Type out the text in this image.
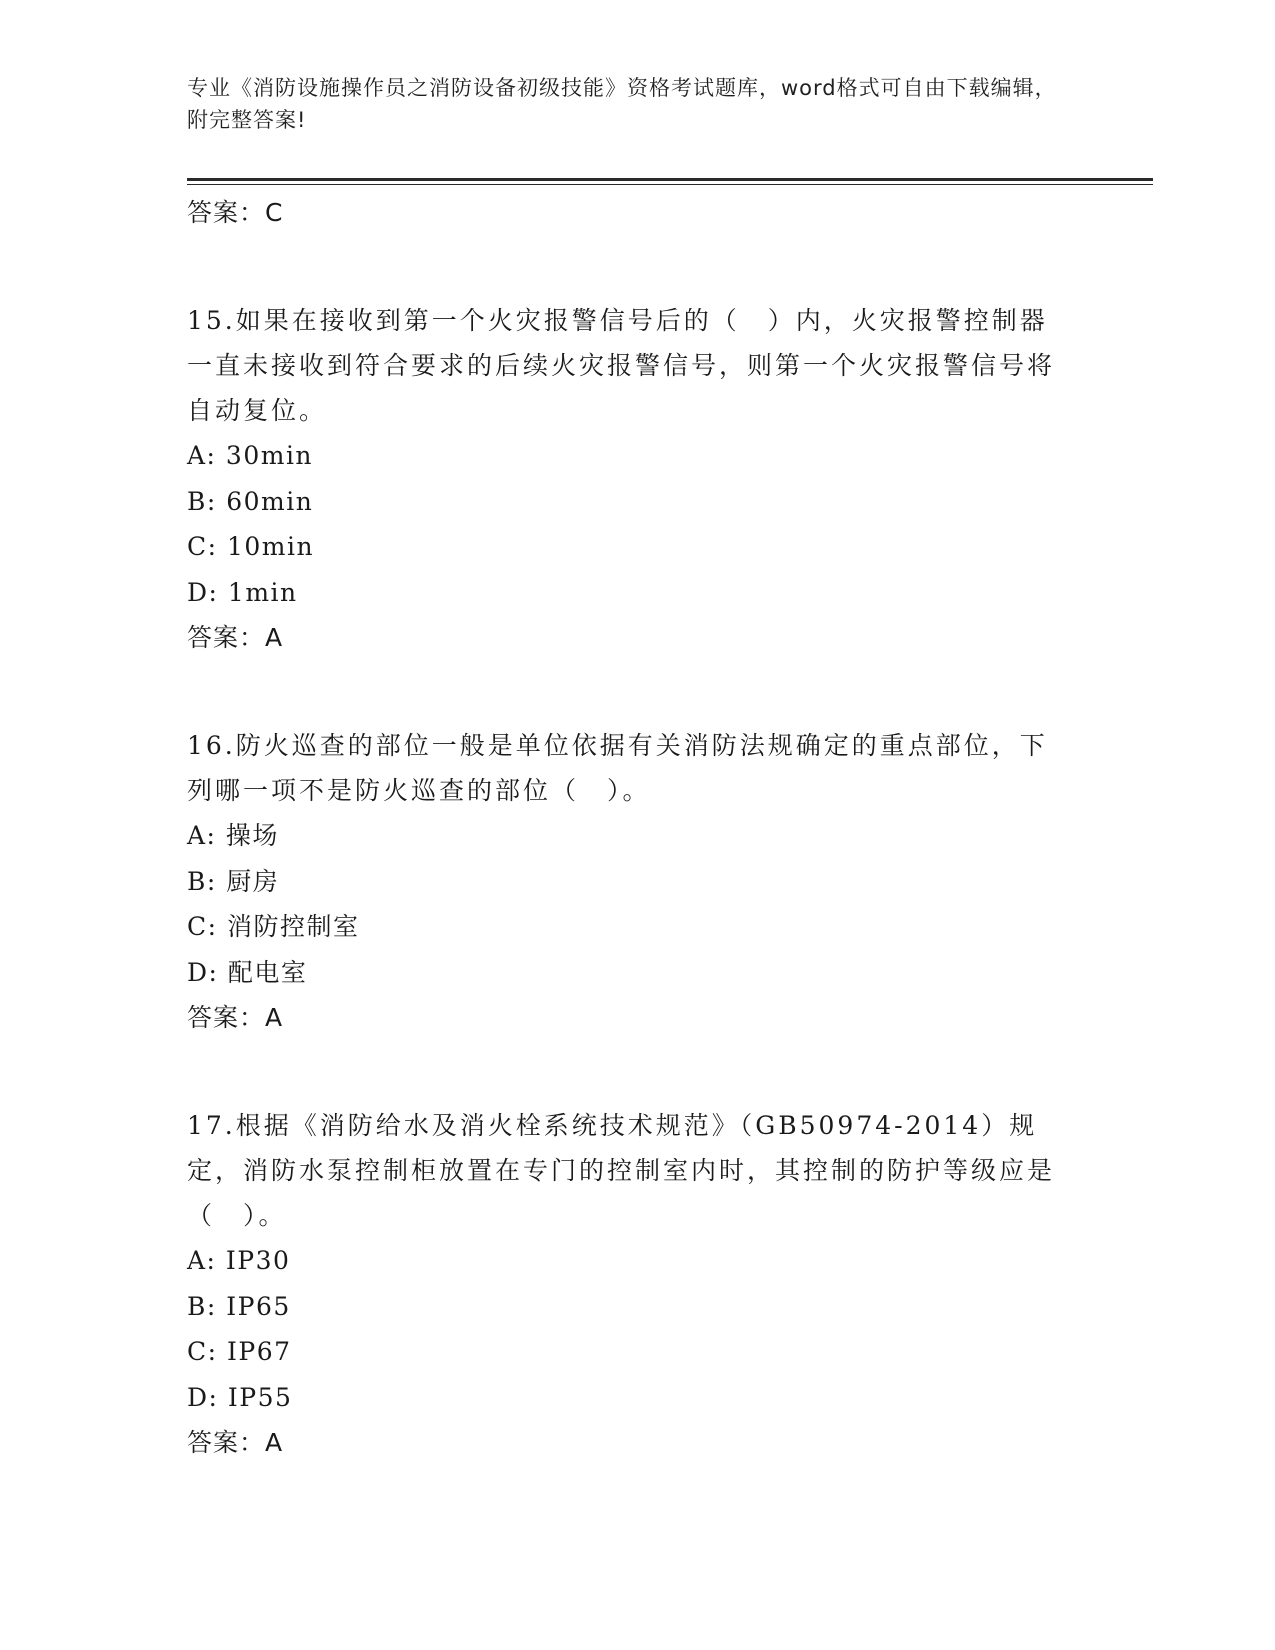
专业《消防设施操作员之消防设备初级技能》资格考试题库，word格式可自由下载编辑，附完整答案!

答案：C

15.如果在接收到第一个火灾报警信号后的（　）内，火灾报警控制器一直未接收到符合要求的后续火灾报警信号，则第一个火灾报警信号将自动复位。

A: 30min

B: 60min

C: 10min

D: 1min

答案：A

16.防火巡查的部位一般是单位依据有关消防法规确定的重点部位，下列哪一项不是防火巡查的部位（　）。

A: 操场

B: 厨房

C: 消防控制室

D: 配电室

答案：A

17.根据《消防给水及消火栓系统技术规范》（GB50974-2014）规定，消防水泵控制柜放置在专门的控制室内时，其控制的防护等级应是（　）。

A: IP30

B: IP65

C: IP67

D: IP55

答案：A
